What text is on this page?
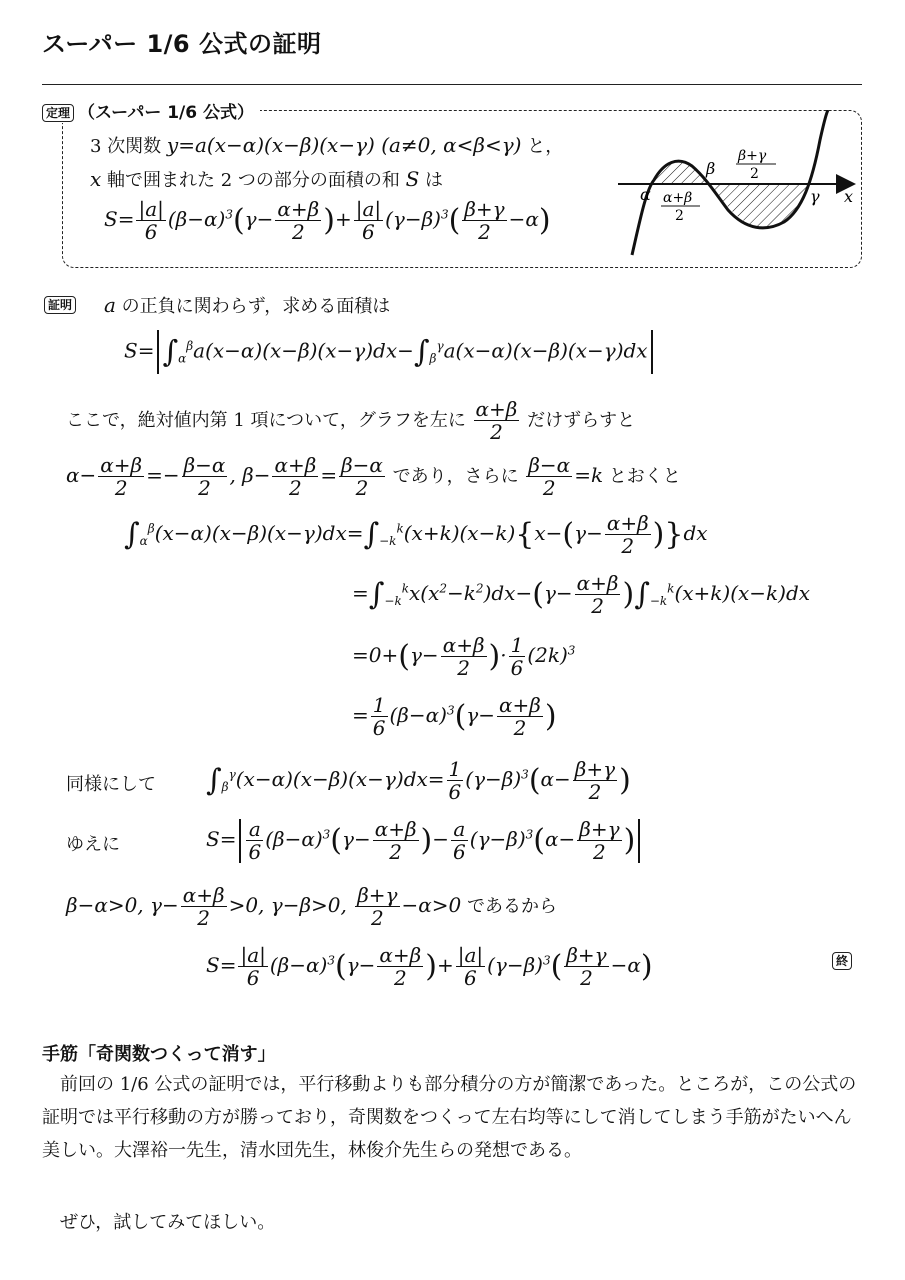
スーパー 1/6 公式の証明
定理 （スーパー 1/6 公式）
3 次関数 y=a(x−α)(x−β)(x−γ) (a≠0, α<β<γ) と，
x 軸で囲まれた 2 つの部分の面積の和 S は
$S= \frac{|a|}{6} (\beta-\alpha)^3(\gamma- \frac{\alpha+\beta}{2}$ )+ $\frac{|a|}{6} (\gamma-\beta)^3( \frac{\beta+\gamma}{2} -\alpha)$
α
β
γ x
α+β
2
β+γ
2
証明 a の正負に関わらず，求める面積は
$S= \int_\alpha^\beta a(x-\alpha)(x-\beta)(x-\gamma)dx-\int_\beta^\gamma a(x-\alpha)(x-\beta)(x-\gamma)dx$
ここで，絶対値内第 1 項について，グラフを左に $\frac{\alpha+\beta}{2}$ だけずらすと
$\alpha- \frac{\alpha+\beta}{2} =- \frac{\beta-\alpha}{2}$ , $\beta- \frac{\alpha+\beta}{2} = \frac{\beta-\alpha}{2}$ であり，さらに $\frac{\beta-\alpha}{2} =k$ とおくと
$\int_\alpha^\beta(x-\alpha)(x-\beta)(x-\gamma)dx=\int_{-k}^k(x+k)(x-k)\{x-(\gamma- \frac{\alpha+\beta}{2} )\}dx$
$=\int_{-k}^kx(x^2-k^2)dx-(\gamma- \frac{\alpha+\beta}{2} )\int_{-k}^k(x+k)(x-k)dx$
$=0+(\gamma- \frac{\alpha+\beta}{2}$ )· $\frac{1}{6} (2k)^3$
= $\frac{1}{6} (\beta-\alpha)^3(\gamma- \frac{\alpha+\beta}{2}$ )
同様にして $\int_\beta^\gamma(x-\alpha)(x-\beta)(x-\gamma)dx= \frac{1}{6} (\gamma-\beta)^3(\alpha- \frac{\beta+\gamma}{2}$ )
ゆえに	$S= \frac{a}{6} (\beta-\alpha)^3(\gamma- \frac{\alpha+\beta}{2}$ )− $\frac{a}{6} (\gamma-\beta)^3(\alpha- \frac{\beta+\gamma}{2}$ )
β−α>0, $\gamma- \frac{\alpha+\beta}{2} >0$, γ−β>0, $\frac{\beta+\gamma}{2} -\alpha>0$ であるから
$S= \frac{|a|}{6} (\beta-\alpha)^3(\gamma- \frac{\alpha+\beta}{2}$ )+ $\frac{|a|}{6} (\gamma-\beta)^3( \frac{\beta+\gamma}{2} -\alpha)$	終
手筋「奇関数つくって消す」
　前回の 1/6 公式の証明では，平行移動よりも部分積分の方が簡潔であった。ところが，この公式の証明では平行移動の方が勝っており，奇関数をつくって左右均等にして消してしまう手筋がたいへん美しい。大澤裕一先生，清水団先生，林俊介先生らの発想である。
　ぜひ，試してみてほしい。
